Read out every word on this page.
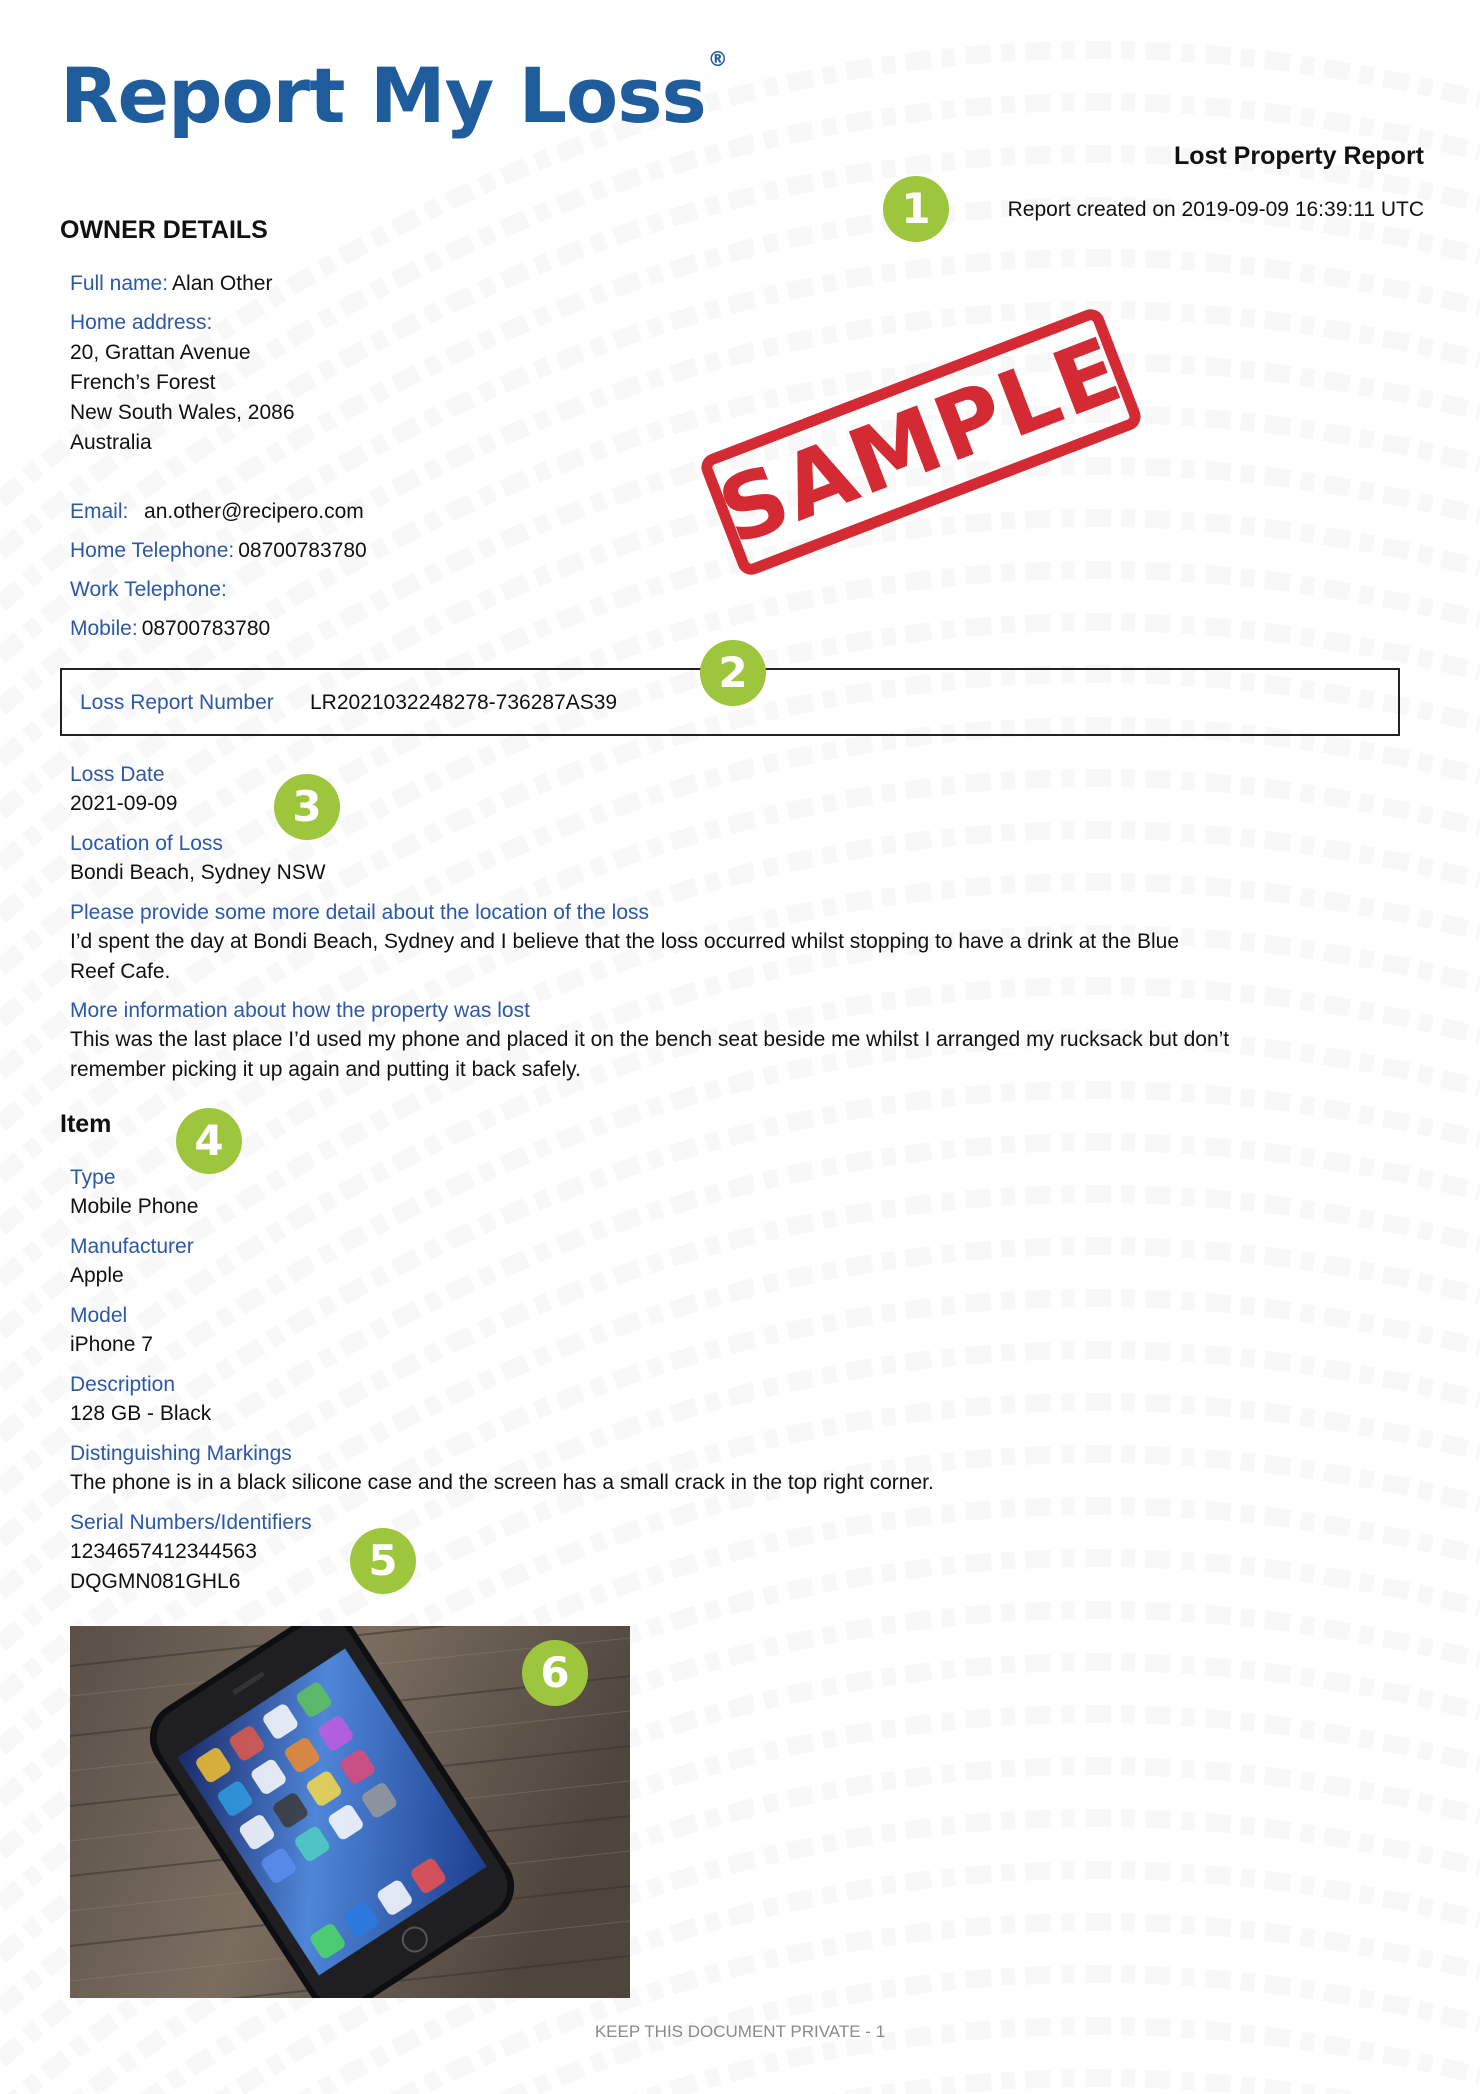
Report My Loss ®
Lost Property Report
Report created on 2019-09-09 16:39:11 UTC
1
SAMPLE
OWNER DETAILS
Full name: Alan Other
Home address:
20, Grattan Avenue
French’s Forest
New South Wales, 2086
Australia
Email: an.other@recipero.com
Home Telephone: 08700783780
Work Telephone:
Mobile: 08700783780
Loss Report Number LR2021032248278-736287AS39
2
Loss Date
2021-09-09	3
Location of Loss
Bondi Beach, Sydney NSW
Please provide some more detail about the location of the loss
I’d spent the day at Bondi Beach, Sydney and I believe that the loss occurred whilst stopping to have a drink at the Blue
Reef Cafe.
More information about how the property was lost
This was the last place I’d used my phone and placed it on the bench seat beside me whilst I arranged my rucksack but don’t
remember picking it up again and putting it back safely.
Item	4
Type
Mobile Phone
Manufacturer
Apple
Model
iPhone 7
Description
128 GB - Black
Distinguishing Markings
The phone is in a black silicone case and the screen has a small crack in the top right corner.
Serial Numbers/Identifiers
1234657412344563
DQGMN081GHL6	5
6
KEEP THIS DOCUMENT PRIVATE - 1
